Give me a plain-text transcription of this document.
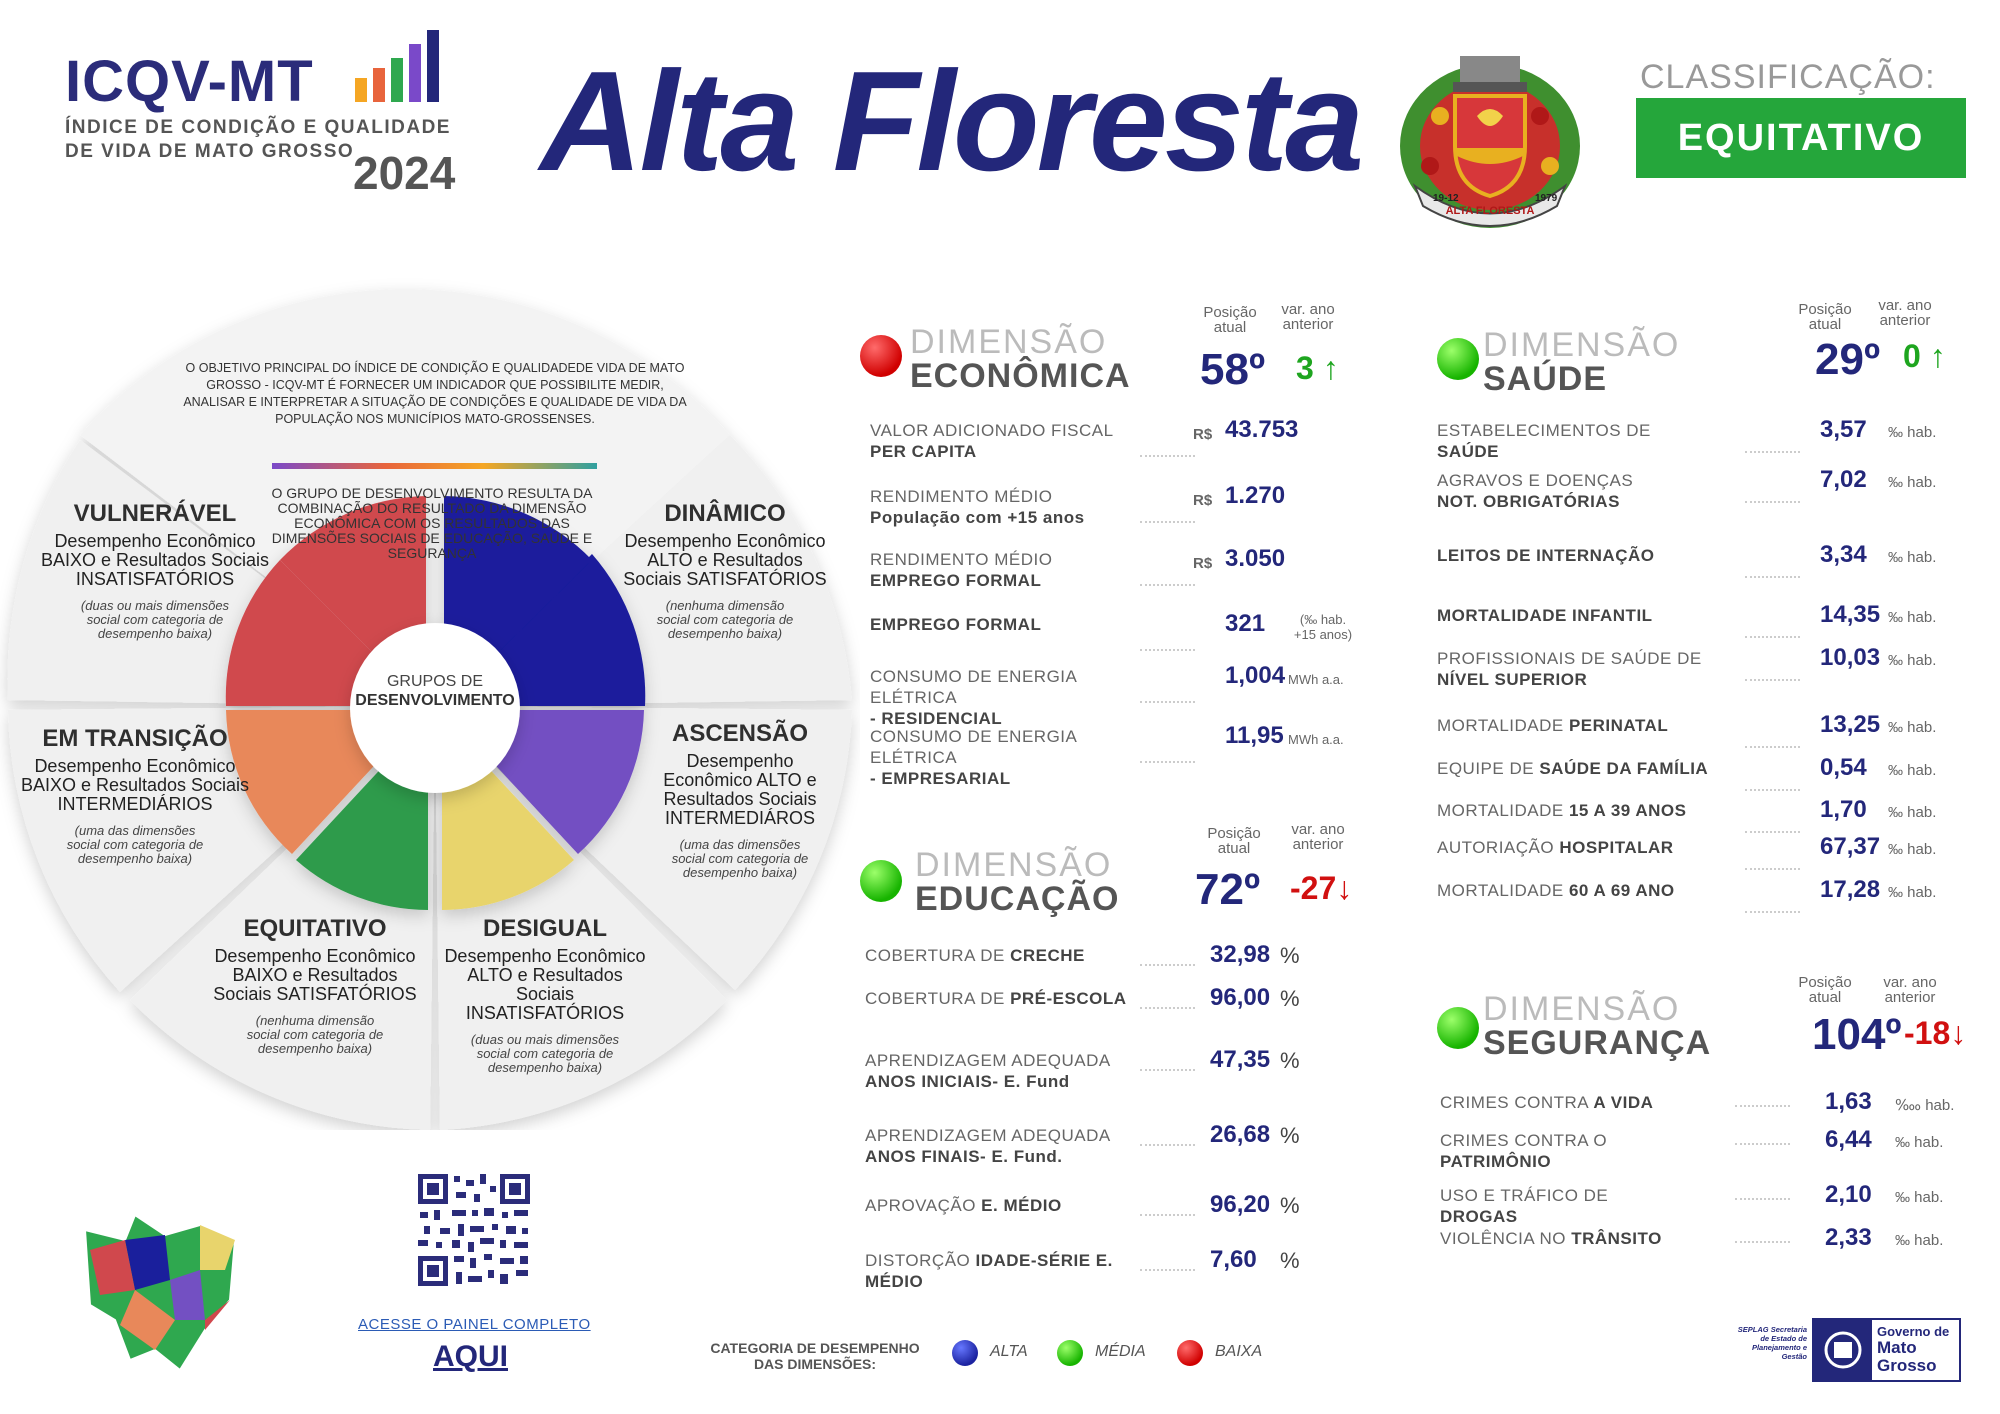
ICQV-MT
ÍNDICE DE CONDIÇÃO E QUALIDADE DE VIDA DE MATO GROSSO
2024 Alta Floresta
ALTA FLORESTA
19-12	1979
CLASSIFICAÇÃO:
EQUITATIVO
O OBJETIVO PRINCIPAL DO ÍNDICE DE CONDIÇÃO E QUALIDADEDE VIDA DE MATO GROSSO - ICQV-MT É FORNECER UM INDICADOR QUE POSSIBILITE MEDIR, ANALISAR E INTERPRETAR A SITUAÇÃO DE CONDIÇÕES E QUALIDADE DE VIDA DA POPULAÇÃO NOS MUNICÍPIOS MATO-GROSSENSES.
O GRUPO DE DESENVOLVIMENTO RESULTA DA COMBINAÇÃO DO RESULTADO DA DIMENSÃO ECONÔMICA COM OS RESULTADOS DAS DIMENSÕES SOCIAIS DE EDUCAÇÃO, SAÚDE E SEGURANÇA
GRUPOS DE
DESENVOLVIMENTO
VULNERÁVEL
Desempenho Econômico BAIXO e Resultados Sociais INSATISFATÓRIOS
(duas ou mais dimensões social com categoria de desempenho baixa)
DINÂMICO
Desempenho Econômico ALTO e Resultados Sociais SATISFATÓRIOS
(nenhuma dimensão social com categoria de desempenho baixa)
EM TRANSIÇÃO
Desempenho Econômico BAIXO e Resultados Sociais INTERMEDIÁRIOS
(uma das dimensões social com categoria de desempenho baixa)
ASCENSÃO
Desempenho Econômico ALTO e Resultados Sociais INTERMEDIÁROS
(uma das dimensões social com categoria de desempenho baixa)
EQUITATIVO
Desempenho Econômico BAIXO e Resultados Sociais SATISFATÓRIOS
(nenhuma dimensão social com categoria de desempenho baixa)
DESIGUAL
Desempenho Econômico ALTO e Resultados Sociais INSATISFATÓRIOS
(duas ou mais dimensões social com categoria de desempenho baixa)
DIMENSÃO
ECONÔMICA
Posição atual
var. ano anterior
58º 3 ↑
VALOR ADICIONADO FISCAL
PER CAPITA
R$ 43.753
RENDIMENTO MÉDIO
População com +15 anos
R$ 1.270
RENDIMENTO MÉDIO
EMPREGO FORMAL
R$ 3.050
EMPREGO FORMAL	321	(‰ hab. +15 anos)
CONSUMO DE ENERGIA ELÉTRICA
- RESIDENCIAL
1,004 MWh a.a.
CONSUMO DE ENERGIA ELÉTRICA
- EMPRESARIAL
11,95 MWh a.a.
DIMENSÃO
EDUCAÇÃO
Posição atual
var. ano anterior
72º -27↓
COBERTURA DE CRECHE	32,98 %
COBERTURA DE PRÉ-ESCOLA	96,00 %
APRENDIZAGEM ADEQUADA
ANOS INICIAIS- E. Fund
47,35 %
APRENDIZAGEM ADEQUADA
ANOS FINAIS- E. Fund.
26,68 %
APROVAÇÃO E. MÉDIO	96,20 %
DISTORÇÃO IDADE-SÉRIE E. MÉDIO
7,60 %
DIMENSÃO
SAÚDE
Posição atual
var. ano anterior
29º 0 ↑
ESTABELECIMENTOS DE
SAÚDE
3,57 ‰ hab.
AGRAVOS E DOENÇAS
NOT. OBRIGATÓRIAS
7,02 ‰ hab.
LEITOS DE INTERNAÇÃO	3,34 ‰ hab.
MORTALIDADE INFANTIL	14,35 ‰ hab.
PROFISSIONAIS DE SAÚDE DE
NÍVEL SUPERIOR
10,03 ‰ hab.
MORTALIDADE PERINATAL	13,25 ‰ hab.
EQUIPE DE SAÚDE DA FAMÍLIA	0,54 ‰ hab.
MORTALIDADE 15 A 39 ANOS	1,70 ‰ hab.
AUTORIAÇÃO HOSPITALAR	67,37 ‰ hab.
MORTALIDADE 60 A 69 ANO	17,28 ‰ hab.
DIMENSÃO
SEGURANÇA
Posição atual
var. ano anterior
104º -18↓
CRIMES CONTRA A VIDA	1,63 ‱ hab.
CRIMES CONTRA O
PATRIMÔNIO
6,44 ‰ hab.
USO E TRÁFICO DE
DROGAS
2,10 ‰ hab.
VIOLÊNCIA NO TRÂNSITO	2,33 ‰ hab.
ACESSE O PAINEL COMPLETO
AQUI	CATEGORIA DE DESEMPENHO DAS DIMENSÕES:
ALTA	MÉDIA	BAIXA
SEPLAG Secretaria de Estado de Planejamento e Gestão
Governo de
Mato
Grosso
